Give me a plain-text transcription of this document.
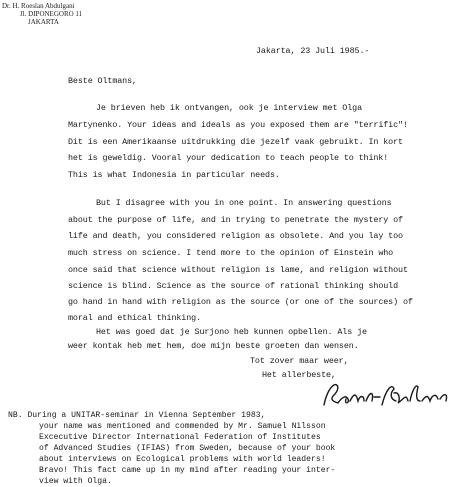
Dr. H. Roeslan Abdulgani
Jl. DIPONEGORO 11
JAKARTA
Jakarta, 23 Juli 1985.-
Beste Oltmans,
Je brieven heb ik ontvangen, ook je interview met Olga
Martynenko. Your ideas and ideals as you exposed them are "terrific"!
Dit is een Amerikaanse uitdrukking die jezelf vaak gebruikt. In kort
het is geweldig. Vooral your dedication to teach people to think!
This is what Indonesia in particular needs.
But I disagree with you in one point. In answering questions
about the purpose of life, and in trying to penetrate the mystery of
life and death, you considered religion as obsolete. And you lay too
much stress on science. I tend more to the opinion of Einstein who
once said that science without religion is lame, and religion without
science is blind. Science as the source of rational thinking should
go hand in hand with religion as the source (or one of the sources) of
moral and ethical thinking.
Het was goed dat je Surjono heb kunnen opbellen. Als je
weer kontak heb met hem, doe mijn beste groeten dan wensen.
Tot zover maar weer,
Het allerbeste,
NB. During a UNITAR-seminar in Vienna September 1983,
your name was mentioned and commended by Mr. Samuel Nilsson
Excecutive Director International Federation of Institutes
of Advanced Studies (IFIAS) from Sweden, because of your book
about interviews on Ecological problems with world leaders!
Bravo! This fact came up in my mind after reading your inter-
view with Olga.
